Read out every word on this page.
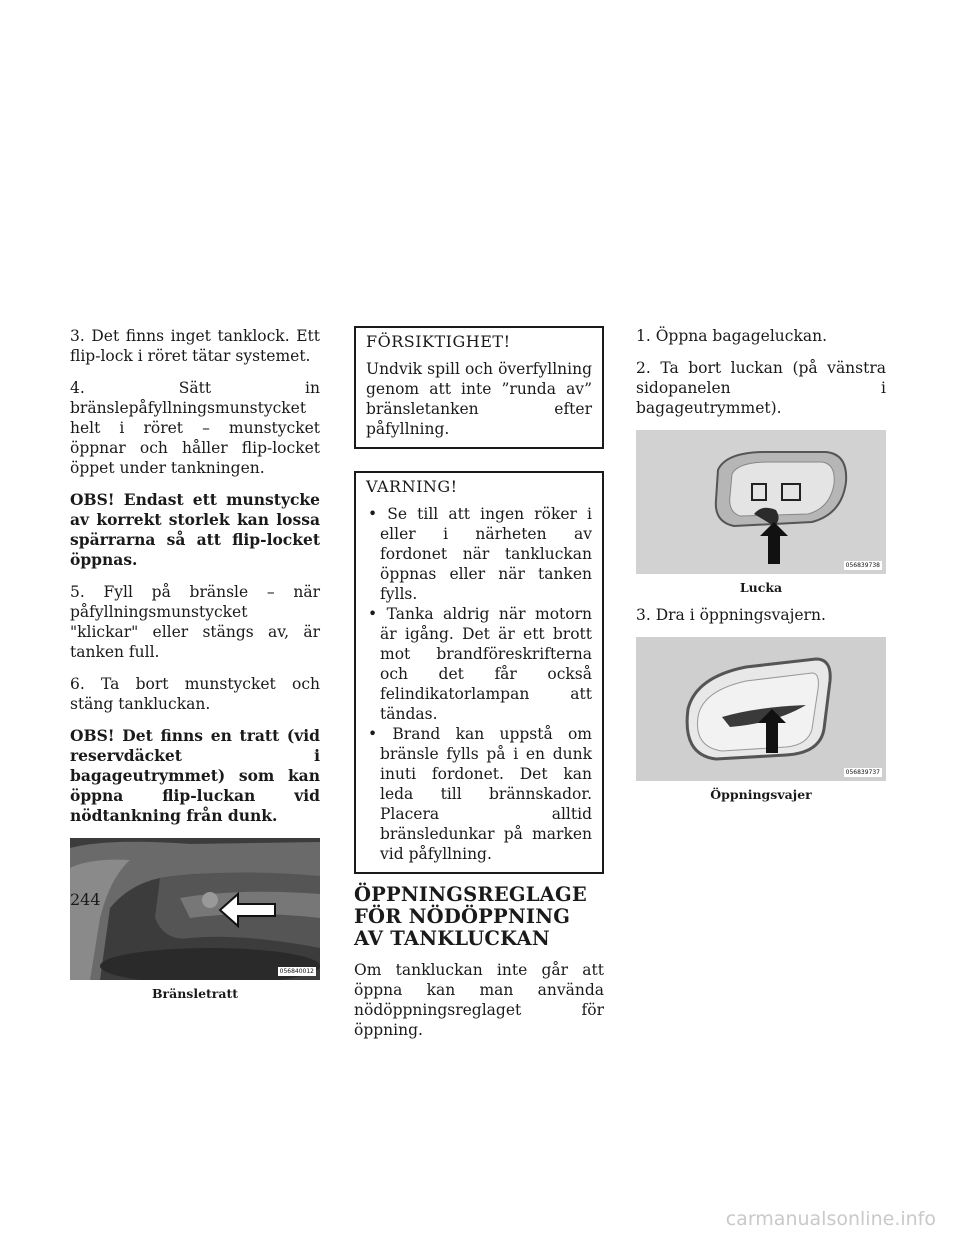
3. Det finns inget tanklock. Ett flip-lock i röret tätar systemet.

4. Sätt in bränslepåfyllningsmunstycket helt i röret – munstycket öppnar och håller flip-locket öppet under tankningen.

OBS! Endast ett munstycke av korrekt storlek kan lossa spärrarna så att flip-locket öppnas.

5. Fyll på bränsle – när påfyllningsmunstycket "klickar" eller stängs av, är tanken full.

6. Ta bort munstycket och stäng tankluckan.

OBS! Det finns en tratt (vid reservdäcket i bagageutrymmet) som kan öppna flip-luckan vid nödtankning från dunk.

056840012
Bränsletratt
FÖRSIKTIGHET!

Undvik spill och överfyllning genom att inte ”runda av” bränsletanken efter påfyllning.

VARNING!
• Se till att ingen röker i eller i närheten av fordonet när tankluckan öppnas eller när tanken fylls.
• Tanka aldrig när motorn är igång. Det är ett brott mot brandföreskrifterna och det får också felindikatorlampan att tändas.
• Brand kan uppstå om bränsle fylls på i en dunk inuti fordonet. Det kan leda till brännskador. Placera alltid bränsledunkar på marken vid påfyllning.
ÖPPNINGSREGLAGE FÖR NÖDÖPPNING AV TANKLUCKAN

Om tankluckan inte går att öppna kan man använda nödöppningsreglaget för öppning.

1. Öppna bagageluckan.

2. Ta bort luckan (på vänstra sidopanelen i bagageutrymmet).

056839738
Lucka

3. Dra i öppningsvajern.

056839737
Öppningsvajer
244
carmanualsonline.info
